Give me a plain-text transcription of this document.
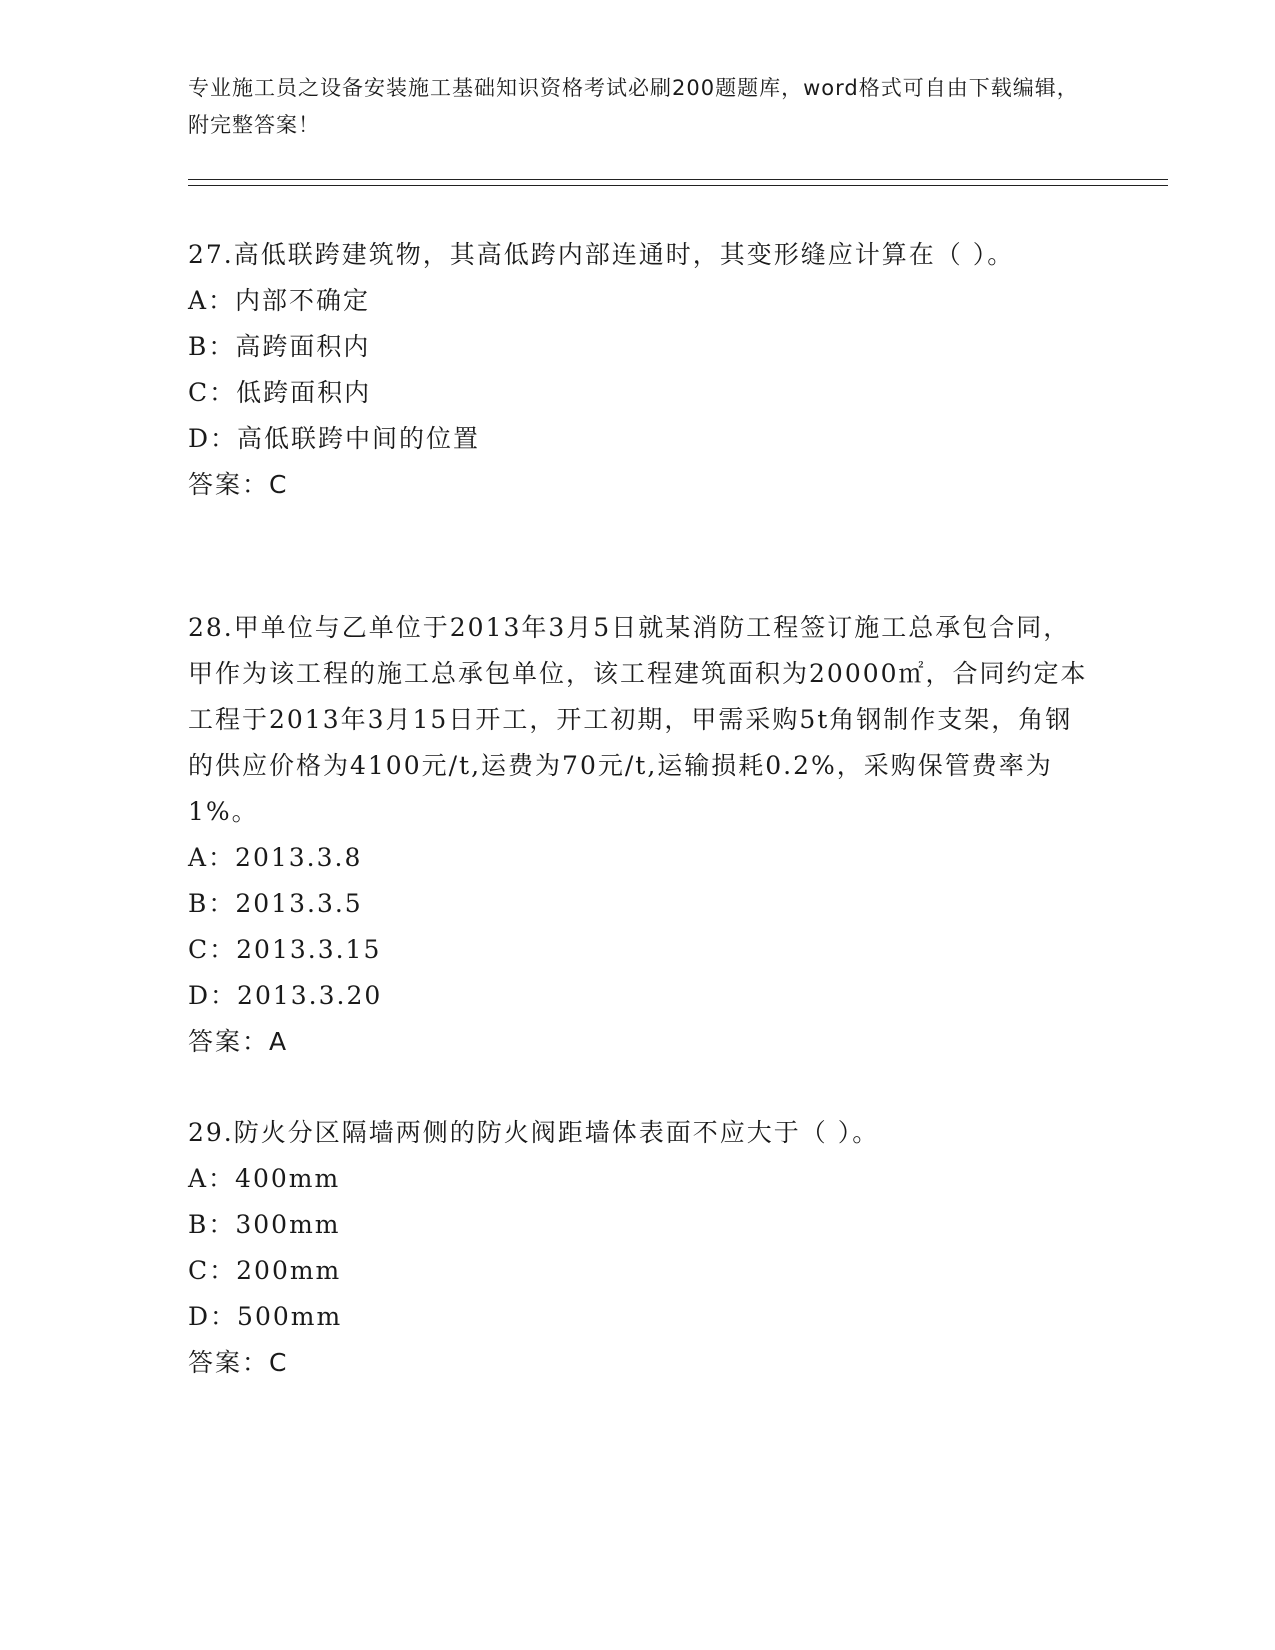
专业施工员之设备安装施工基础知识资格考试必刷200题题库，word格式可自由下载编辑，附完整答案！

27.高低联跨建筑物，其高低跨内部连通时，其变形缝应计算在（ ）。

A：内部不确定

B：高跨面积内

C：低跨面积内

D：高低联跨中间的位置

答案：C

28.甲单位与乙单位于2013年3月5日就某消防工程签订施工总承包合同，甲作为该工程的施工总承包单位，该工程建筑面积为20000㎡，合同约定本工程于2013年3月15日开工，开工初期，甲需采购5t角钢制作支架，角钢的供应价格为4100元/t,运费为70元/t,运输损耗0.2%，采购保管费率为1%。

A：2013.3.8

B：2013.3.5

C：2013.3.15

D：2013.3.20

答案：A

29.防火分区隔墙两侧的防火阀距墙体表面不应大于（ ）。

A：400mm

B：300mm

C：200mm

D：500mm

答案：C
